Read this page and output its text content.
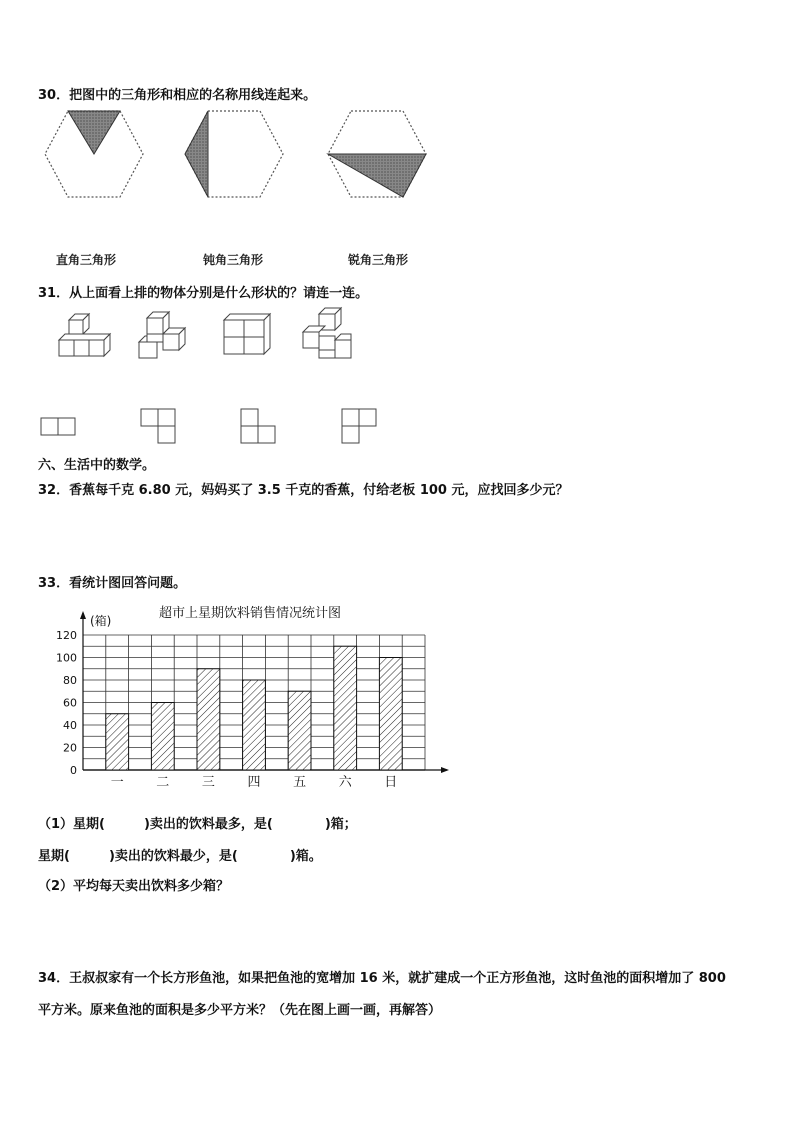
30．把图中的三角形和相应的名称用线连起来。
直角三角形	钝角三角形	锐角三角形
31．从上面看上排的物体分别是什么形状的？请连一连。
六、生活中的数学。
32．香蕉每千克 6.80 元，妈妈买了 3.5 千克的香蕉，付给老板 100 元，应找回多少元？
33．看统计图回答问题。
超市上星期饮料销售情况统计图
(箱)
0
20
40
60
80
100
120
一	二	三	四	五	六	日
（1）星期(　　　)卖出的饮料最多，是(　　　　)箱；
星期(　　　)卖出的饮料最少，是(　　　　)箱。
（2）平均每天卖出饮料多少箱？
34．王叔叔家有一个长方形鱼池，如果把鱼池的宽增加 16 米，就扩建成一个正方形鱼池，这时鱼池的面积增加了 800
平方米。原来鱼池的面积是多少平方米？（先在图上画一画，再解答）
